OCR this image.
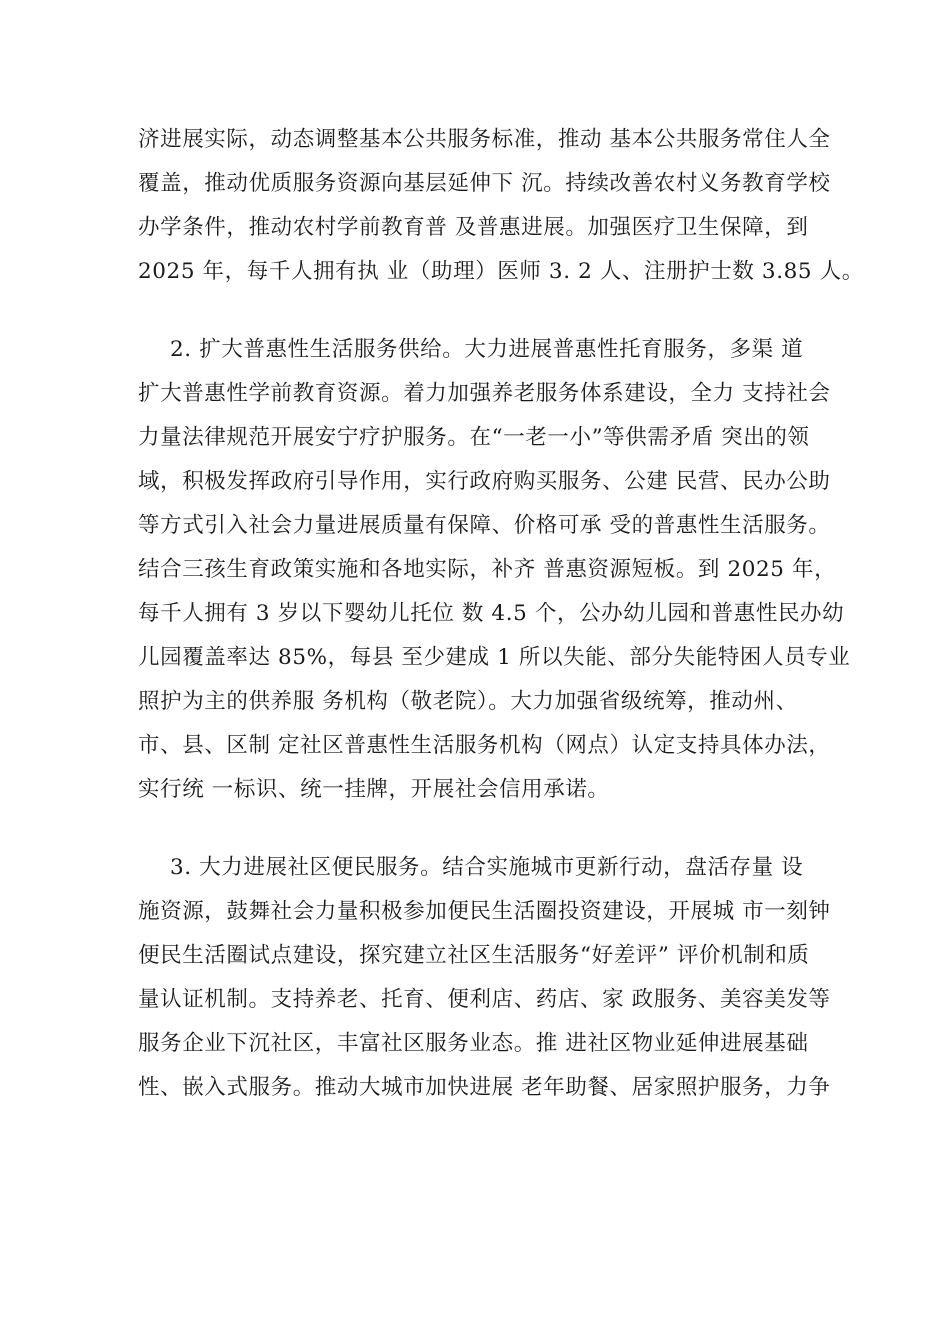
济进展实际，动态调整基本公共服务标准，推动 基本公共服务常住人全
覆盖，推动优质服务资源向基层延伸下 沉。持续改善农村义务教育学校
办学条件，推动农村学前教育普 及普惠进展。加强医疗卫生保障，到
2025 年，每千人拥有执 业（助理）医师 3. 2 人、注册护士数 3.85 人。
2. 扩大普惠性生活服务供给。大力进展普惠性托育服务，多渠 道
扩大普惠性学前教育资源。着力加强养老服务体系建设，全力 支持社会
力量法律规范开展安宁疗护服务。在“一老一小”等供需矛盾 突出的领
域，积极发挥政府引导作用，实行政府购买服务、公建 民营、民办公助
等方式引入社会力量进展质量有保障、价格可承 受的普惠性生活服务。
结合三孩生育政策实施和各地实际，补齐 普惠资源短板。到 2025 年，
每千人拥有 3 岁以下婴幼儿托位 数 4.5 个，公办幼儿园和普惠性民办幼
儿园覆盖率达 85%，每县 至少建成 1 所以失能、部分失能特困人员专业
照护为主的供养服 务机构（敬老院）。大力加强省级统筹，推动州、
市、县、区制 定社区普惠性生活服务机构（网点）认定支持具体办法，
实行统 一标识、统一挂牌，开展社会信用承诺。
3. 大力进展社区便民服务。结合实施城市更新行动，盘活存量 设
施资源，鼓舞社会力量积极参加便民生活圈投资建设，开展城 市一刻钟
便民生活圈试点建设，探究建立社区生活服务“好差评” 评价机制和质
量认证机制。支持养老、托育、便利店、药店、家 政服务、美容美发等
服务企业下沉社区，丰富社区服务业态。推 进社区物业延伸进展基础
性、嵌入式服务。推动大城市加快进展 老年助餐、居家照护服务，力争
